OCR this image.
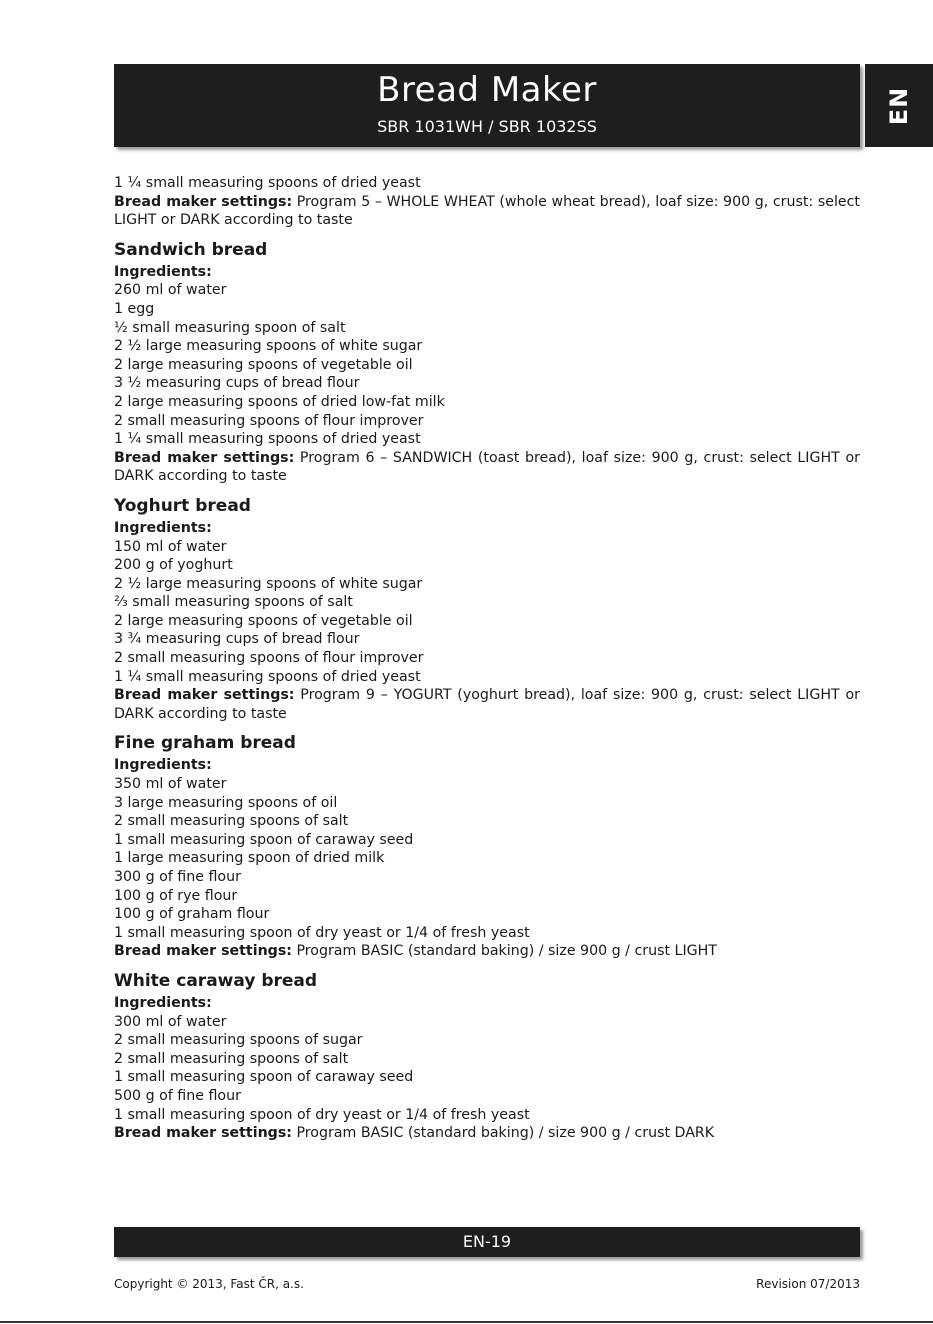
Bread Maker
SBR 1031WH / SBR 1032SS
EN

1 ¼ small measuring spoons of dried yeast

Bread maker settings: Program 5 – WHOLE WHEAT (whole wheat bread), loaf size: 900 g, crust: select LIGHT or DARK according to taste

Sandwich bread

Ingredients:

260 ml of water

1 egg

½ small measuring spoon of salt

2 ½ large measuring spoons of white sugar

2 large measuring spoons of vegetable oil

3 ½ measuring cups of bread flour

2 large measuring spoons of dried low-fat milk

2 small measuring spoons of flour improver

1 ¼ small measuring spoons of dried yeast

Bread maker settings: Program 6 – SANDWICH (toast bread), loaf size: 900 g, crust: select LIGHT or DARK according to taste

Yoghurt bread

Ingredients:

150 ml of water

200 g of yoghurt

2 ½ large measuring spoons of white sugar

⅔ small measuring spoons of salt

2 large measuring spoons of vegetable oil

3 ¾ measuring cups of bread flour

2 small measuring spoons of flour improver

1 ¼ small measuring spoons of dried yeast

Bread maker settings: Program 9 – YOGURT (yoghurt bread), loaf size: 900 g, crust: select LIGHT or DARK according to taste

Fine graham bread

Ingredients:

350 ml of water

3 large measuring spoons of oil

2 small measuring spoons of salt

1 small measuring spoon of caraway seed

1 large measuring spoon of dried milk

300 g of fine flour

100 g of rye flour

100 g of graham flour

1 small measuring spoon of dry yeast or 1/4 of fresh yeast

Bread maker settings: Program BASIC (standard baking) / size 900 g / crust LIGHT

White caraway bread

Ingredients:

300 ml of water

2 small measuring spoons of sugar

2 small measuring spoons of salt

1 small measuring spoon of caraway seed

500 g of fine flour

1 small measuring spoon of dry yeast or 1/4 of fresh yeast

Bread maker settings: Program BASIC (standard baking) / size 900 g / crust DARK

EN-19
Copyright © 2013, Fast ČR, a.s.	Revision 07/2013
